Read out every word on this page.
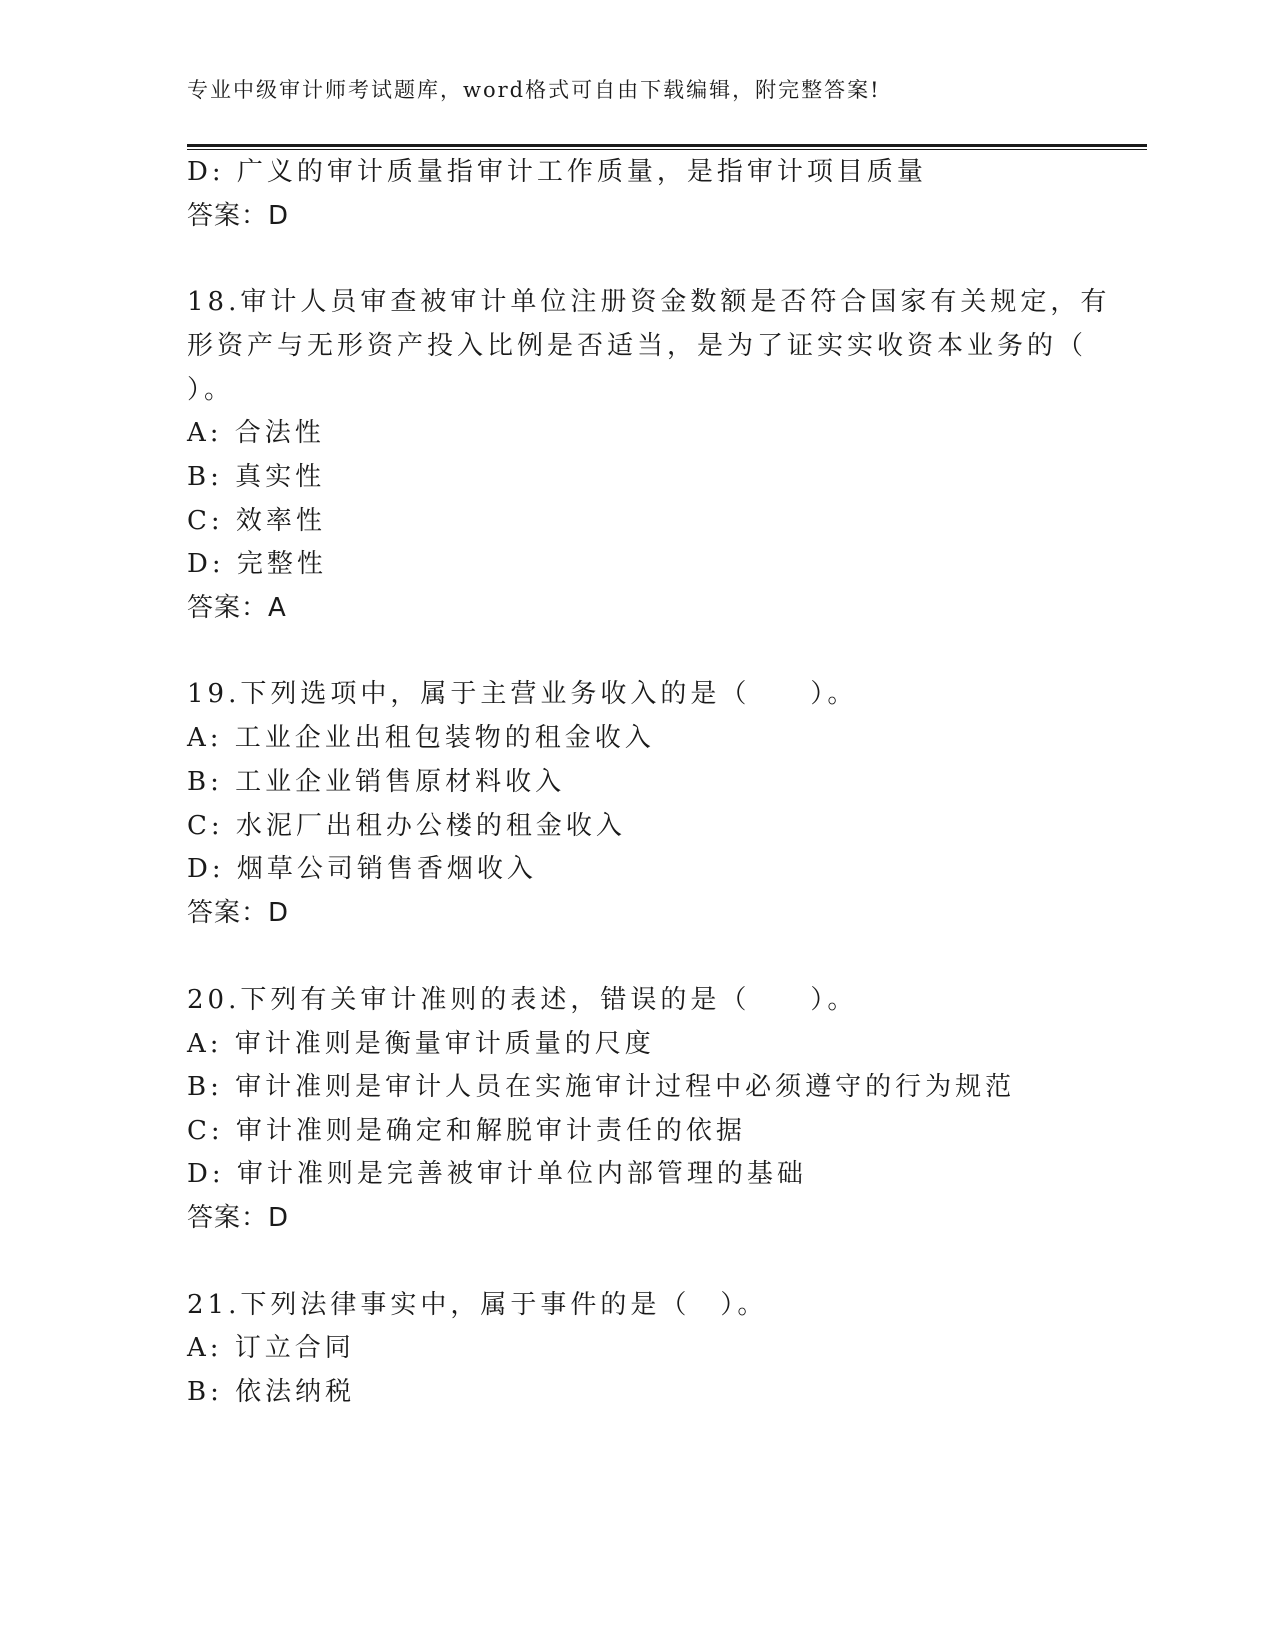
专业中级审计师考试题库，word格式可自由下载编辑，附完整答案!
D: 广义的审计质量指审计工作质量，是指审计项目质量
答案：D
18.审计人员审查被审计单位注册资金数额是否符合国家有关规定，有
形资产与无形资产投入比例是否适当，是为了证实实收资本业务的（
）。
A: 合法性
B: 真实性
C: 效率性
D: 完整性
答案：A
19.下列选项中，属于主营业务收入的是（　　）。
A: 工业企业出租包装物的租金收入
B: 工业企业销售原材料收入
C: 水泥厂出租办公楼的租金收入
D: 烟草公司销售香烟收入
答案：D
20.下列有关审计准则的表述，错误的是（　　）。
A: 审计准则是衡量审计质量的尺度
B: 审计准则是审计人员在实施审计过程中必须遵守的行为规范
C: 审计准则是确定和解脱审计责任的依据
D: 审计准则是完善被审计单位内部管理的基础
答案：D
21.下列法律事实中，属于事件的是（　）。
A: 订立合同
B: 依法纳税
